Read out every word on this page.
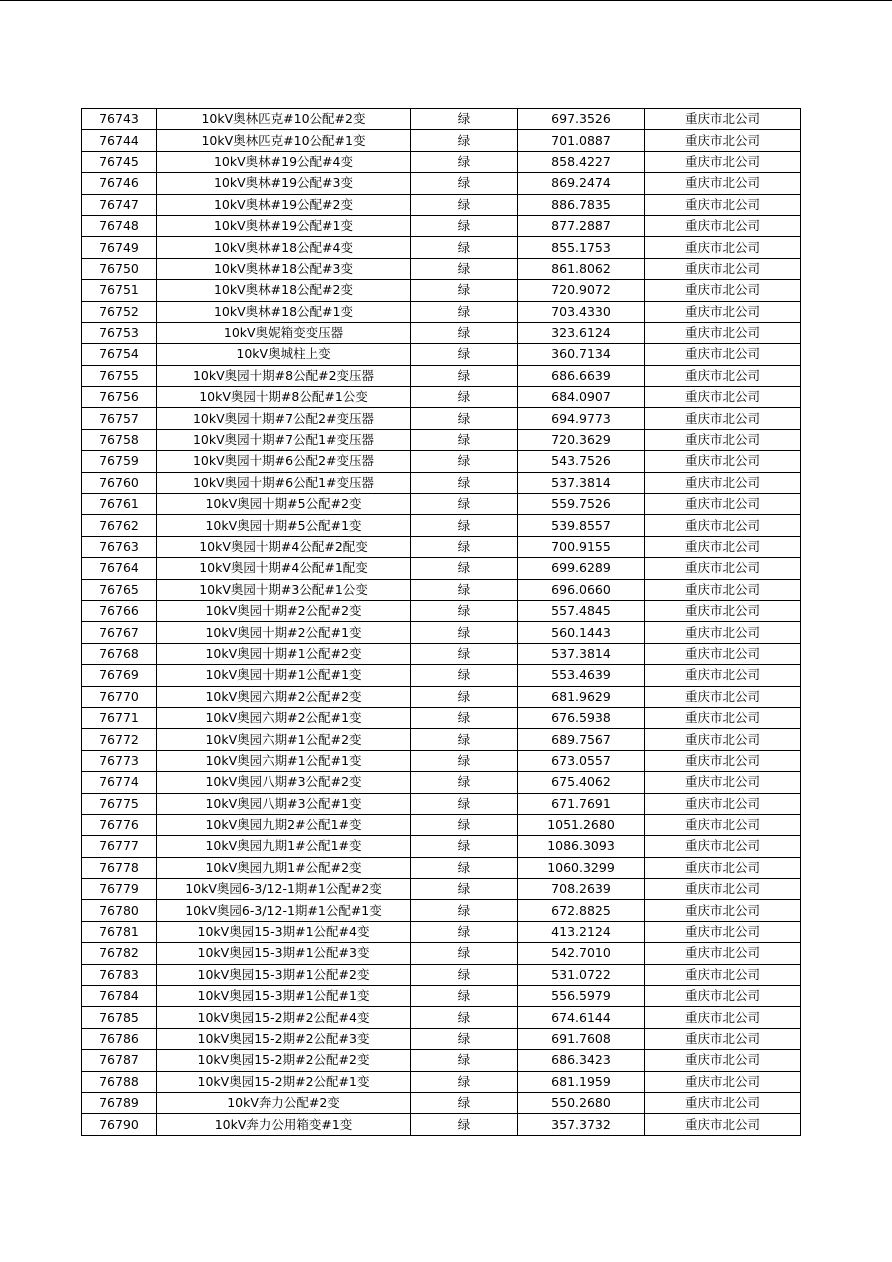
76743	10kV奥林匹克#10公配#2变	绿	697.3526	重庆市北公司
76744	10kV奥林匹克#10公配#1变	绿	701.0887	重庆市北公司
76745	10kV奥林#19公配#4变	绿	858.4227	重庆市北公司
76746	10kV奥林#19公配#3变	绿	869.2474	重庆市北公司
76747	10kV奥林#19公配#2变	绿	886.7835	重庆市北公司
76748	10kV奥林#19公配#1变	绿	877.2887	重庆市北公司
76749	10kV奥林#18公配#4变	绿	855.1753	重庆市北公司
76750	10kV奥林#18公配#3变	绿	861.8062	重庆市北公司
76751	10kV奥林#18公配#2变	绿	720.9072	重庆市北公司
76752	10kV奥林#18公配#1变	绿	703.4330	重庆市北公司
76753	10kV奥妮箱变变压器	绿	323.6124	重庆市北公司
76754	10kV奥城柱上变	绿	360.7134	重庆市北公司
76755	10kV奥园十期#8公配#2变压器	绿	686.6639	重庆市北公司
76756	10kV奥园十期#8公配#1公变	绿	684.0907	重庆市北公司
76757	10kV奥园十期#7公配2#变压器	绿	694.9773	重庆市北公司
76758	10kV奥园十期#7公配1#变压器	绿	720.3629	重庆市北公司
76759	10kV奥园十期#6公配2#变压器	绿	543.7526	重庆市北公司
76760	10kV奥园十期#6公配1#变压器	绿	537.3814	重庆市北公司
76761	10kV奥园十期#5公配#2变	绿	559.7526	重庆市北公司
76762	10kV奥园十期#5公配#1变	绿	539.8557	重庆市北公司
76763	10kV奥园十期#4公配#2配变	绿	700.9155	重庆市北公司
76764	10kV奥园十期#4公配#1配变	绿	699.6289	重庆市北公司
76765	10kV奥园十期#3公配#1公变	绿	696.0660	重庆市北公司
76766	10kV奥园十期#2公配#2变	绿	557.4845	重庆市北公司
76767	10kV奥园十期#2公配#1变	绿	560.1443	重庆市北公司
76768	10kV奥园十期#1公配#2变	绿	537.3814	重庆市北公司
76769	10kV奥园十期#1公配#1变	绿	553.4639	重庆市北公司
76770	10kV奥园六期#2公配#2变	绿	681.9629	重庆市北公司
76771	10kV奥园六期#2公配#1变	绿	676.5938	重庆市北公司
76772	10kV奥园六期#1公配#2变	绿	689.7567	重庆市北公司
76773	10kV奥园六期#1公配#1变	绿	673.0557	重庆市北公司
76774	10kV奥园八期#3公配#2变	绿	675.4062	重庆市北公司
76775	10kV奥园八期#3公配#1变	绿	671.7691	重庆市北公司
76776	10kV奥园九期2#公配1#变	绿	1051.2680	重庆市北公司
76777	10kV奥园九期1#公配1#变	绿	1086.3093	重庆市北公司
76778	10kV奥园九期1#公配#2变	绿	1060.3299	重庆市北公司
76779	10kV奥园6-3/12-1期#1公配#2变	绿	708.2639	重庆市北公司
76780	10kV奥园6-3/12-1期#1公配#1变	绿	672.8825	重庆市北公司
76781	10kV奥园15-3期#1公配#4变	绿	413.2124	重庆市北公司
76782	10kV奥园15-3期#1公配#3变	绿	542.7010	重庆市北公司
76783	10kV奥园15-3期#1公配#2变	绿	531.0722	重庆市北公司
76784	10kV奥园15-3期#1公配#1变	绿	556.5979	重庆市北公司
76785	10kV奥园15-2期#2公配#4变	绿	674.6144	重庆市北公司
76786	10kV奥园15-2期#2公配#3变	绿	691.7608	重庆市北公司
76787	10kV奥园15-2期#2公配#2变	绿	686.3423	重庆市北公司
76788	10kV奥园15-2期#2公配#1变	绿	681.1959	重庆市北公司
76789	10kV奔力公配#2变	绿	550.2680	重庆市北公司
76790	10kV奔力公用箱变#1变	绿	357.3732	重庆市北公司
